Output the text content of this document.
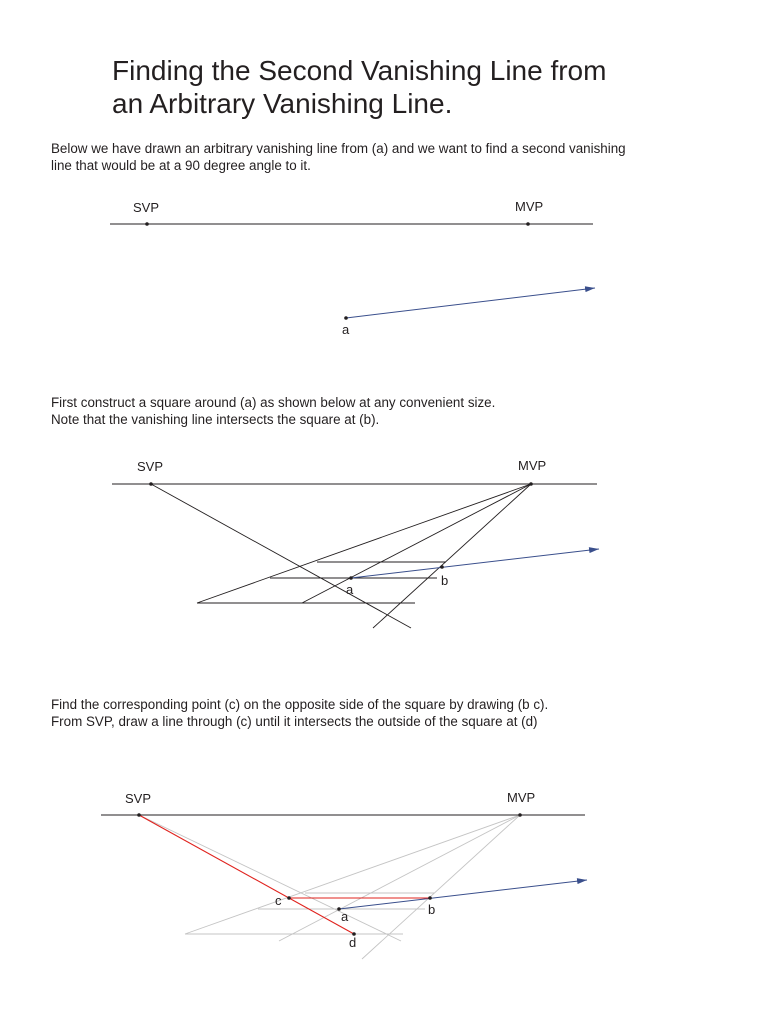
Finding the Second Vanishing Line from
an Arbitrary Vanishing Line.

Below we have drawn an arbitrary vanishing line from (a) and we want to find a second vanishing
line that would be at a 90 degree angle to it.

SVP	MVP
a

First construct a square around (a) as shown below at any convenient size.
Note that the vanishing line intersects the square at (b).

SVP	MVP
a
b

Find the corresponding point (c) on the opposite side of the square by drawing (b c).
From SVP, draw a line through (c) until it intersects the outside of the square at (d)

SVP	MVP
a	b
c
d
